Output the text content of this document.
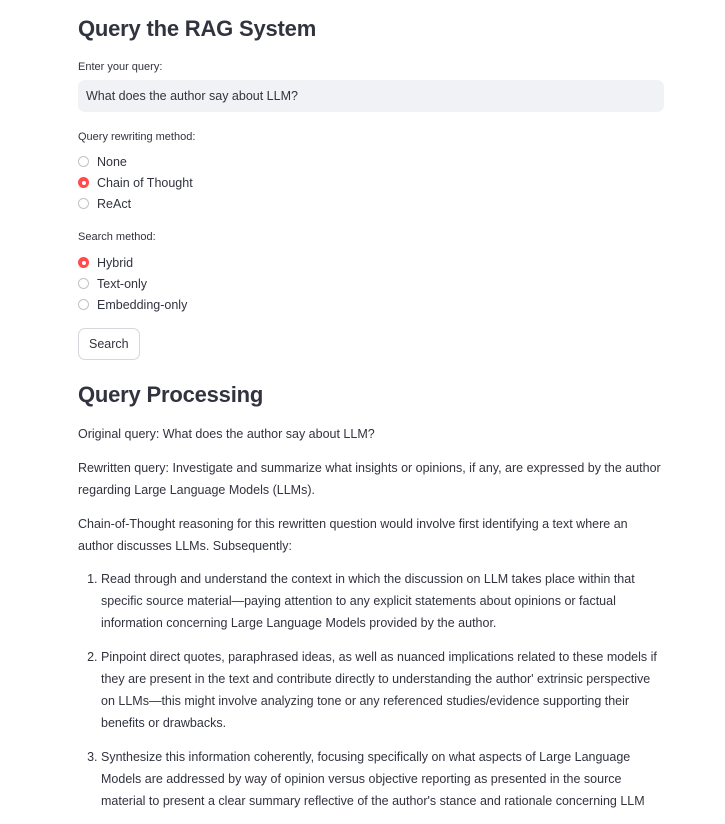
Query the RAG System
Enter your query:
What does the author say about LLM?
Query rewriting method:
None
Chain of Thought
ReAct
Search method:
Hybrid
Text-only
Embedding-only
Search
Query Processing

Original query: What does the author say about LLM?

Rewritten query: Investigate and summarize what insights or opinions, if any, are expressed by the author regarding Large Language Models (LLMs).

Chain-of-Thought reasoning for this rewritten question would involve first identifying a text where an author discusses LLMs. Subsequently:

1. Read through and understand the context in which the discussion on LLM takes place within that specific source material—paying attention to any explicit statements about opinions or factual information concerning Large Language Models provided by the author.
2. Pinpoint direct quotes, paraphrased ideas, as well as nuanced implications related to these models if they are present in the text and contribute directly to understanding the author' extrinsic perspective on LLMs—this might involve analyzing tone or any referenced studies/evidence supporting their benefits or drawbacks.
3. Synthesize this information coherently, focusing specifically on what aspects of Large Language Models are addressed by way of opinion versus objective reporting as presented in the source material to present a clear summary reflective of the author's stance and rationale concerning LLM
